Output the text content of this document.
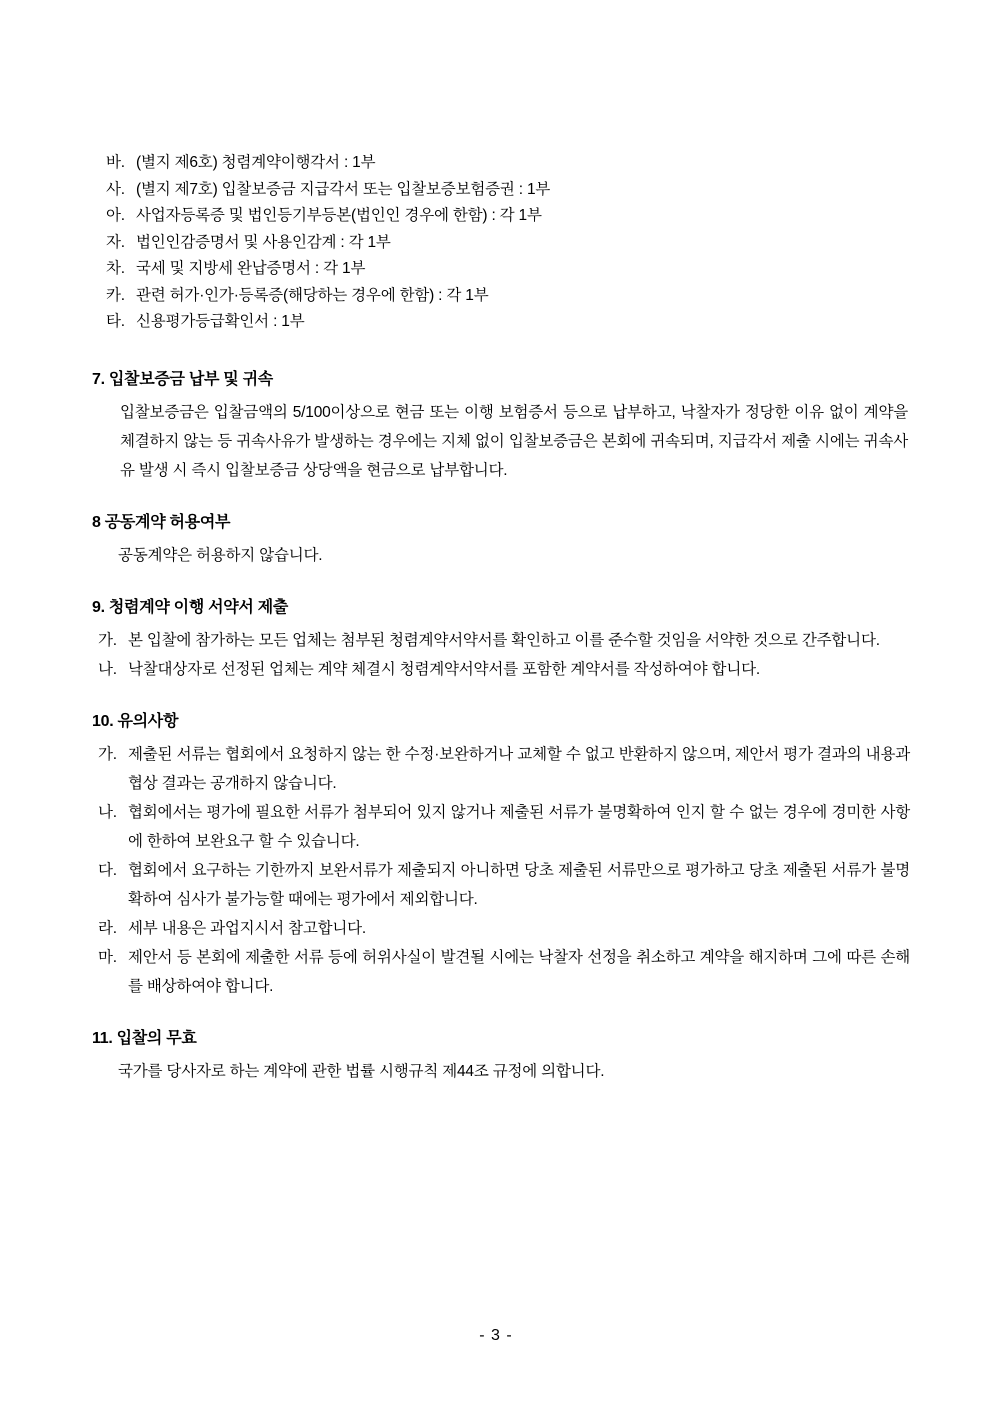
바. (별지 제6호) 청렴계약이행각서 : 1부
사. (별지 제7호) 입찰보증금 지급각서 또는 입찰보증보험증권 : 1부
아. 사업자등록증 및 법인등기부등본(법인인 경우에 한함) : 각 1부
자. 법인인감증명서 및 사용인감계 : 각 1부
차. 국세 및 지방세 완납증명서 : 각 1부
카. 관련 허가·인가·등록증(해당하는 경우에 한함) : 각 1부
타. 신용평가등급확인서 : 1부
7. 입찰보증금 납부 및 귀속

입찰보증금은 입찰금액의 5/100이상으로 현금 또는 이행 보험증서 등으로 납부하고, 낙찰자가 정당한 이유 없이 계약을 체결하지 않는 등 귀속사유가 발생하는 경우에는 지체 없이 입찰보증금은 본회에 귀속되며, 지급각서 제출 시에는 귀속사유 발생 시 즉시 입찰보증금 상당액을 현금으로 납부합니다.

8 공동계약 허용여부

공동계약은 허용하지 않습니다.

9. 청렴계약 이행 서약서 제출
가. 본 입찰에 참가하는 모든 업체는 첨부된 청렴계약서약서를 확인하고 이를 준수할 것임을 서약한 것으로 간주합니다.
나. 낙찰대상자로 선정된 업체는 계약 체결시 청렴계약서약서를 포함한 계약서를 작성하여야 합니다.
10. 유의사항
가. 제출된 서류는 협회에서 요청하지 않는 한 수정·보완하거나 교체할 수 없고 반환하지 않으며, 제안서 평가 결과의 내용과 협상 결과는 공개하지 않습니다.
나. 협회에서는 평가에 필요한 서류가 첨부되어 있지 않거나 제출된 서류가 불명확하여 인지 할 수 없는 경우에 경미한 사항에 한하여 보완요구 할 수 있습니다.
다. 협회에서 요구하는 기한까지 보완서류가 제출되지 아니하면 당초 제출된 서류만으로 평가하고 당초 제출된 서류가 불명확하여 심사가 불가능할 때에는 평가에서 제외합니다.
라. 세부 내용은 과업지시서 참고합니다.
마. 제안서 등 본회에 제출한 서류 등에 허위사실이 발견될 시에는 낙찰자 선정을 취소하고 계약을 해지하며 그에 따른 손해를 배상하여야 합니다.
11. 입찰의 무효

국가를 당사자로 하는 계약에 관한 법률 시행규칙 제44조 규정에 의합니다.

- 3 -
